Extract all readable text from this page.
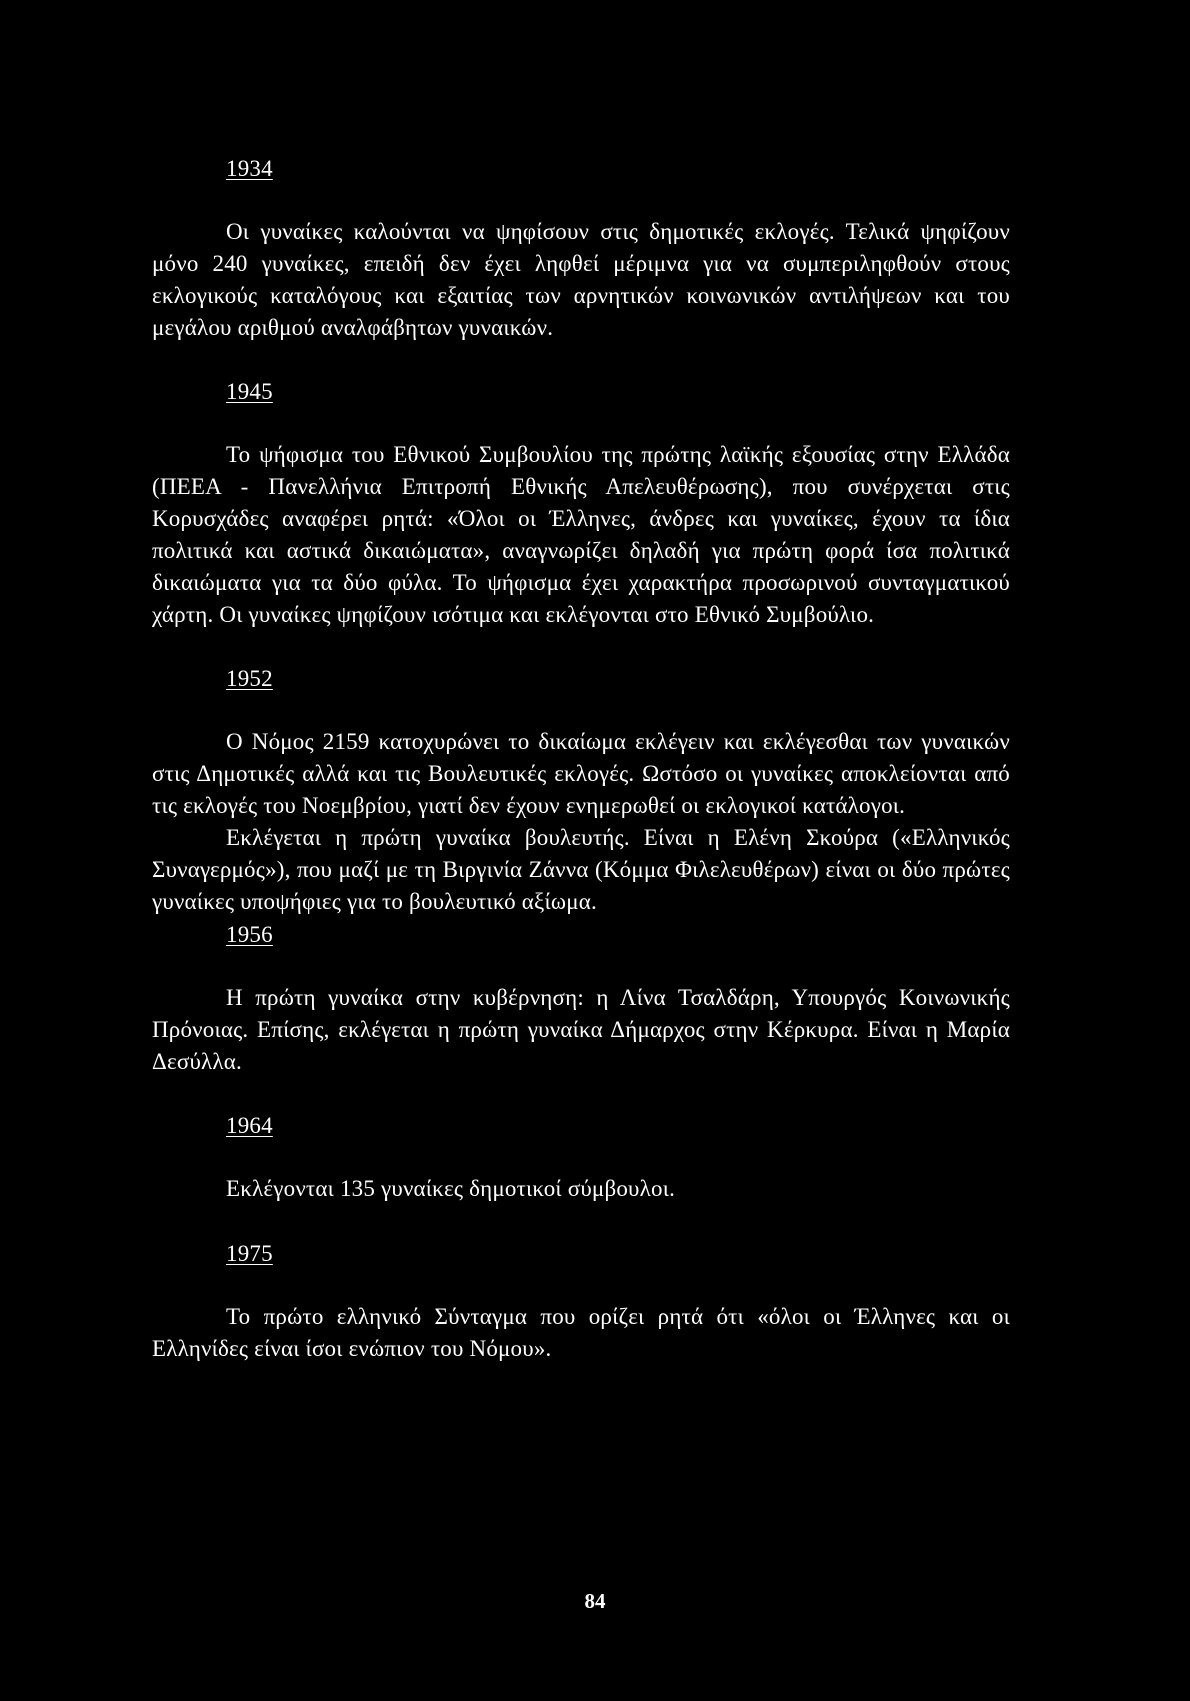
1934

Οι γυναίκες καλούνται να ψηφίσουν στις δημοτικές εκλογές. Τελικά ψηφίζουν μόνο 240 γυναίκες, επειδή δεν έχει ληφθεί μέριμνα για να συμπεριληφθούν στους εκλογικούς καταλόγους και εξαιτίας των αρνητικών κοινωνικών αντιλήψεων και του μεγάλου αριθμού αναλφάβητων γυναικών.

1945

Το ψήφισμα του Εθνικού Συμβουλίου της πρώτης λαϊκής εξουσίας στην Ελλάδα (ΠΕΕΑ - Πανελλήνια Επιτροπή Εθνικής Απελευθέρωσης), που συνέρχεται στις Κορυσχάδες αναφέρει ρητά: «Όλοι οι Έλληνες, άνδρες και γυναίκες, έχουν τα ίδια πολιτικά και αστικά δικαιώματα», αναγνωρίζει δηλαδή για πρώτη φορά ίσα πολιτικά δικαιώματα για τα δύο φύλα. Το ψήφισμα έχει χαρακτήρα προσωρινού συνταγματικού χάρτη. Οι γυναίκες ψηφίζουν ισότιμα και εκλέγονται στο Εθνικό Συμβούλιο.

1952

Ο Νόμος 2159 κατοχυρώνει το δικαίωμα εκλέγειν και εκλέγεσθαι των γυναικών στις Δημοτικές αλλά και τις Βουλευτικές εκλογές. Ωστόσο οι γυναίκες αποκλείονται από τις εκλογές του Νοεμβρίου, γιατί δεν έχουν ενημερωθεί οι εκλογικοί κατάλογοι.

Εκλέγεται η πρώτη γυναίκα βουλευτής. Είναι η Ελένη Σκούρα («Ελληνικός Συναγερμός»), που μαζί με τη Βιργινία Ζάννα (Κόμμα Φιλελευθέρων) είναι οι δύο πρώτες γυναίκες υποψήφιες για το βουλευτικό αξίωμα.

1956

Η πρώτη γυναίκα στην κυβέρνηση: η Λίνα Τσαλδάρη, Υπουργός Κοινωνικής Πρόνοιας. Επίσης, εκλέγεται η πρώτη γυναίκα Δήμαρχος στην Κέρκυρα. Είναι η Μαρία Δεσύλλα.

1964

Εκλέγονται 135 γυναίκες δημοτικοί σύμβουλοι.

1975

Το πρώτο ελληνικό Σύνταγμα που ορίζει ρητά ότι «όλοι οι Έλληνες και οι Ελληνίδες είναι ίσοι ενώπιον του Νόμου».

84
